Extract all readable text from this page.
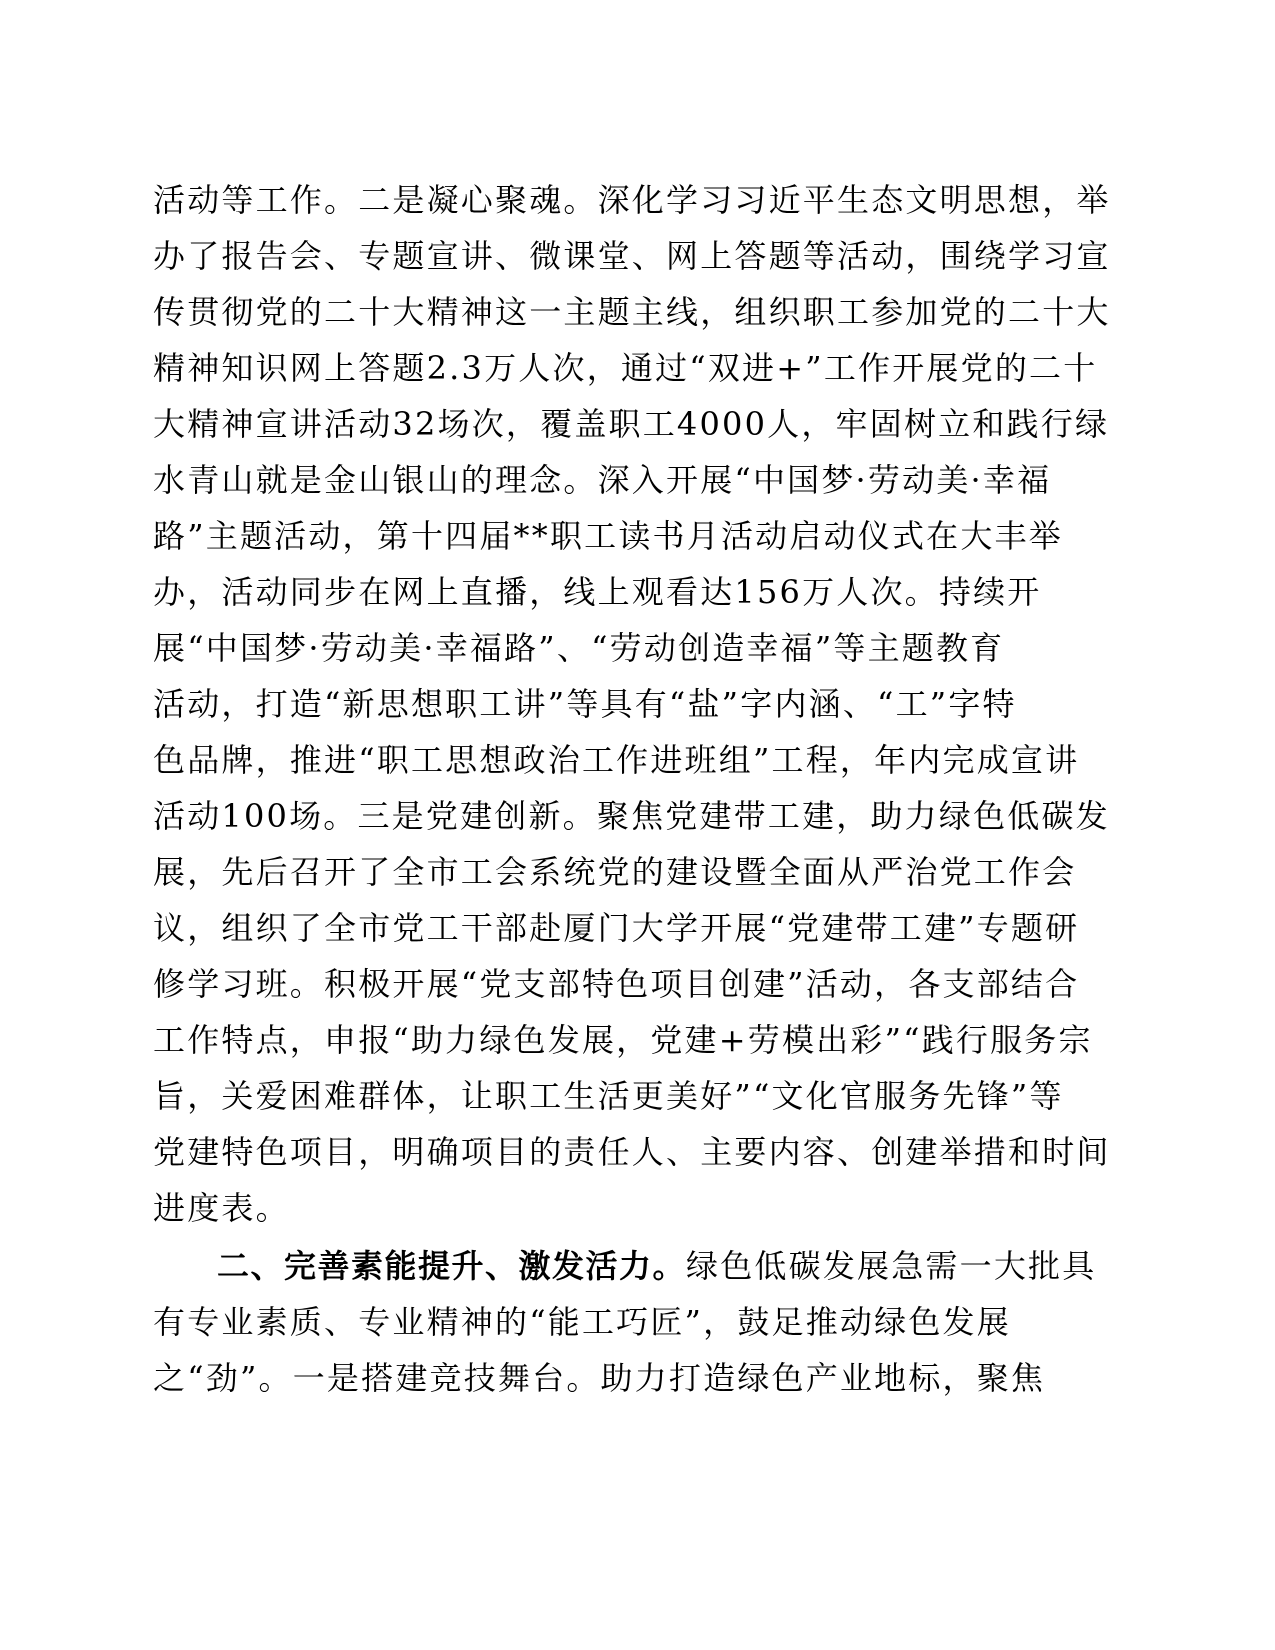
活动等工作。二是凝心聚魂。深化学习习近平生态文明思想，举
办了报告会、专题宣讲、微课堂、网上答题等活动，围绕学习宣
传贯彻党的二十大精神这一主题主线，组织职工参加党的二十大
精神知识网上答题2.3万人次，通过“双进+”工作开展党的二十
大精神宣讲活动32场次，覆盖职工4000人，牢固树立和践行绿
水青山就是金山银山的理念。深入开展“中国梦·劳动美·幸福
路”主题活动，第十四届**职工读书月活动启动仪式在大丰举
办，活动同步在网上直播，线上观看达156万人次。持续开
展“中国梦·劳动美·幸福路”、“劳动创造幸福”等主题教育
活动，打造“新思想职工讲”等具有“盐”字内涵、“工”字特
色品牌，推进“职工思想政治工作进班组”工程，年内完成宣讲
活动100场。三是党建创新。聚焦党建带工建，助力绿色低碳发
展，先后召开了全市工会系统党的建设暨全面从严治党工作会
议，组织了全市党工干部赴厦门大学开展“党建带工建”专题研
修学习班。积极开展“党支部特色项目创建”活动，各支部结合
工作特点，申报“助力绿色发展，党建+劳模出彩”“践行服务宗
旨，关爱困难群体，让职工生活更美好”“文化官服务先锋”等
党建特色项目，明确项目的责任人、主要内容、创建举措和时间
进度表。
二、完善素能提升、激发活力。绿色低碳发展急需一大批具
有专业素质、专业精神的“能工巧匠”，鼓足推动绿色发展
之“劲”。一是搭建竞技舞台。助力打造绿色产业地标，聚焦
